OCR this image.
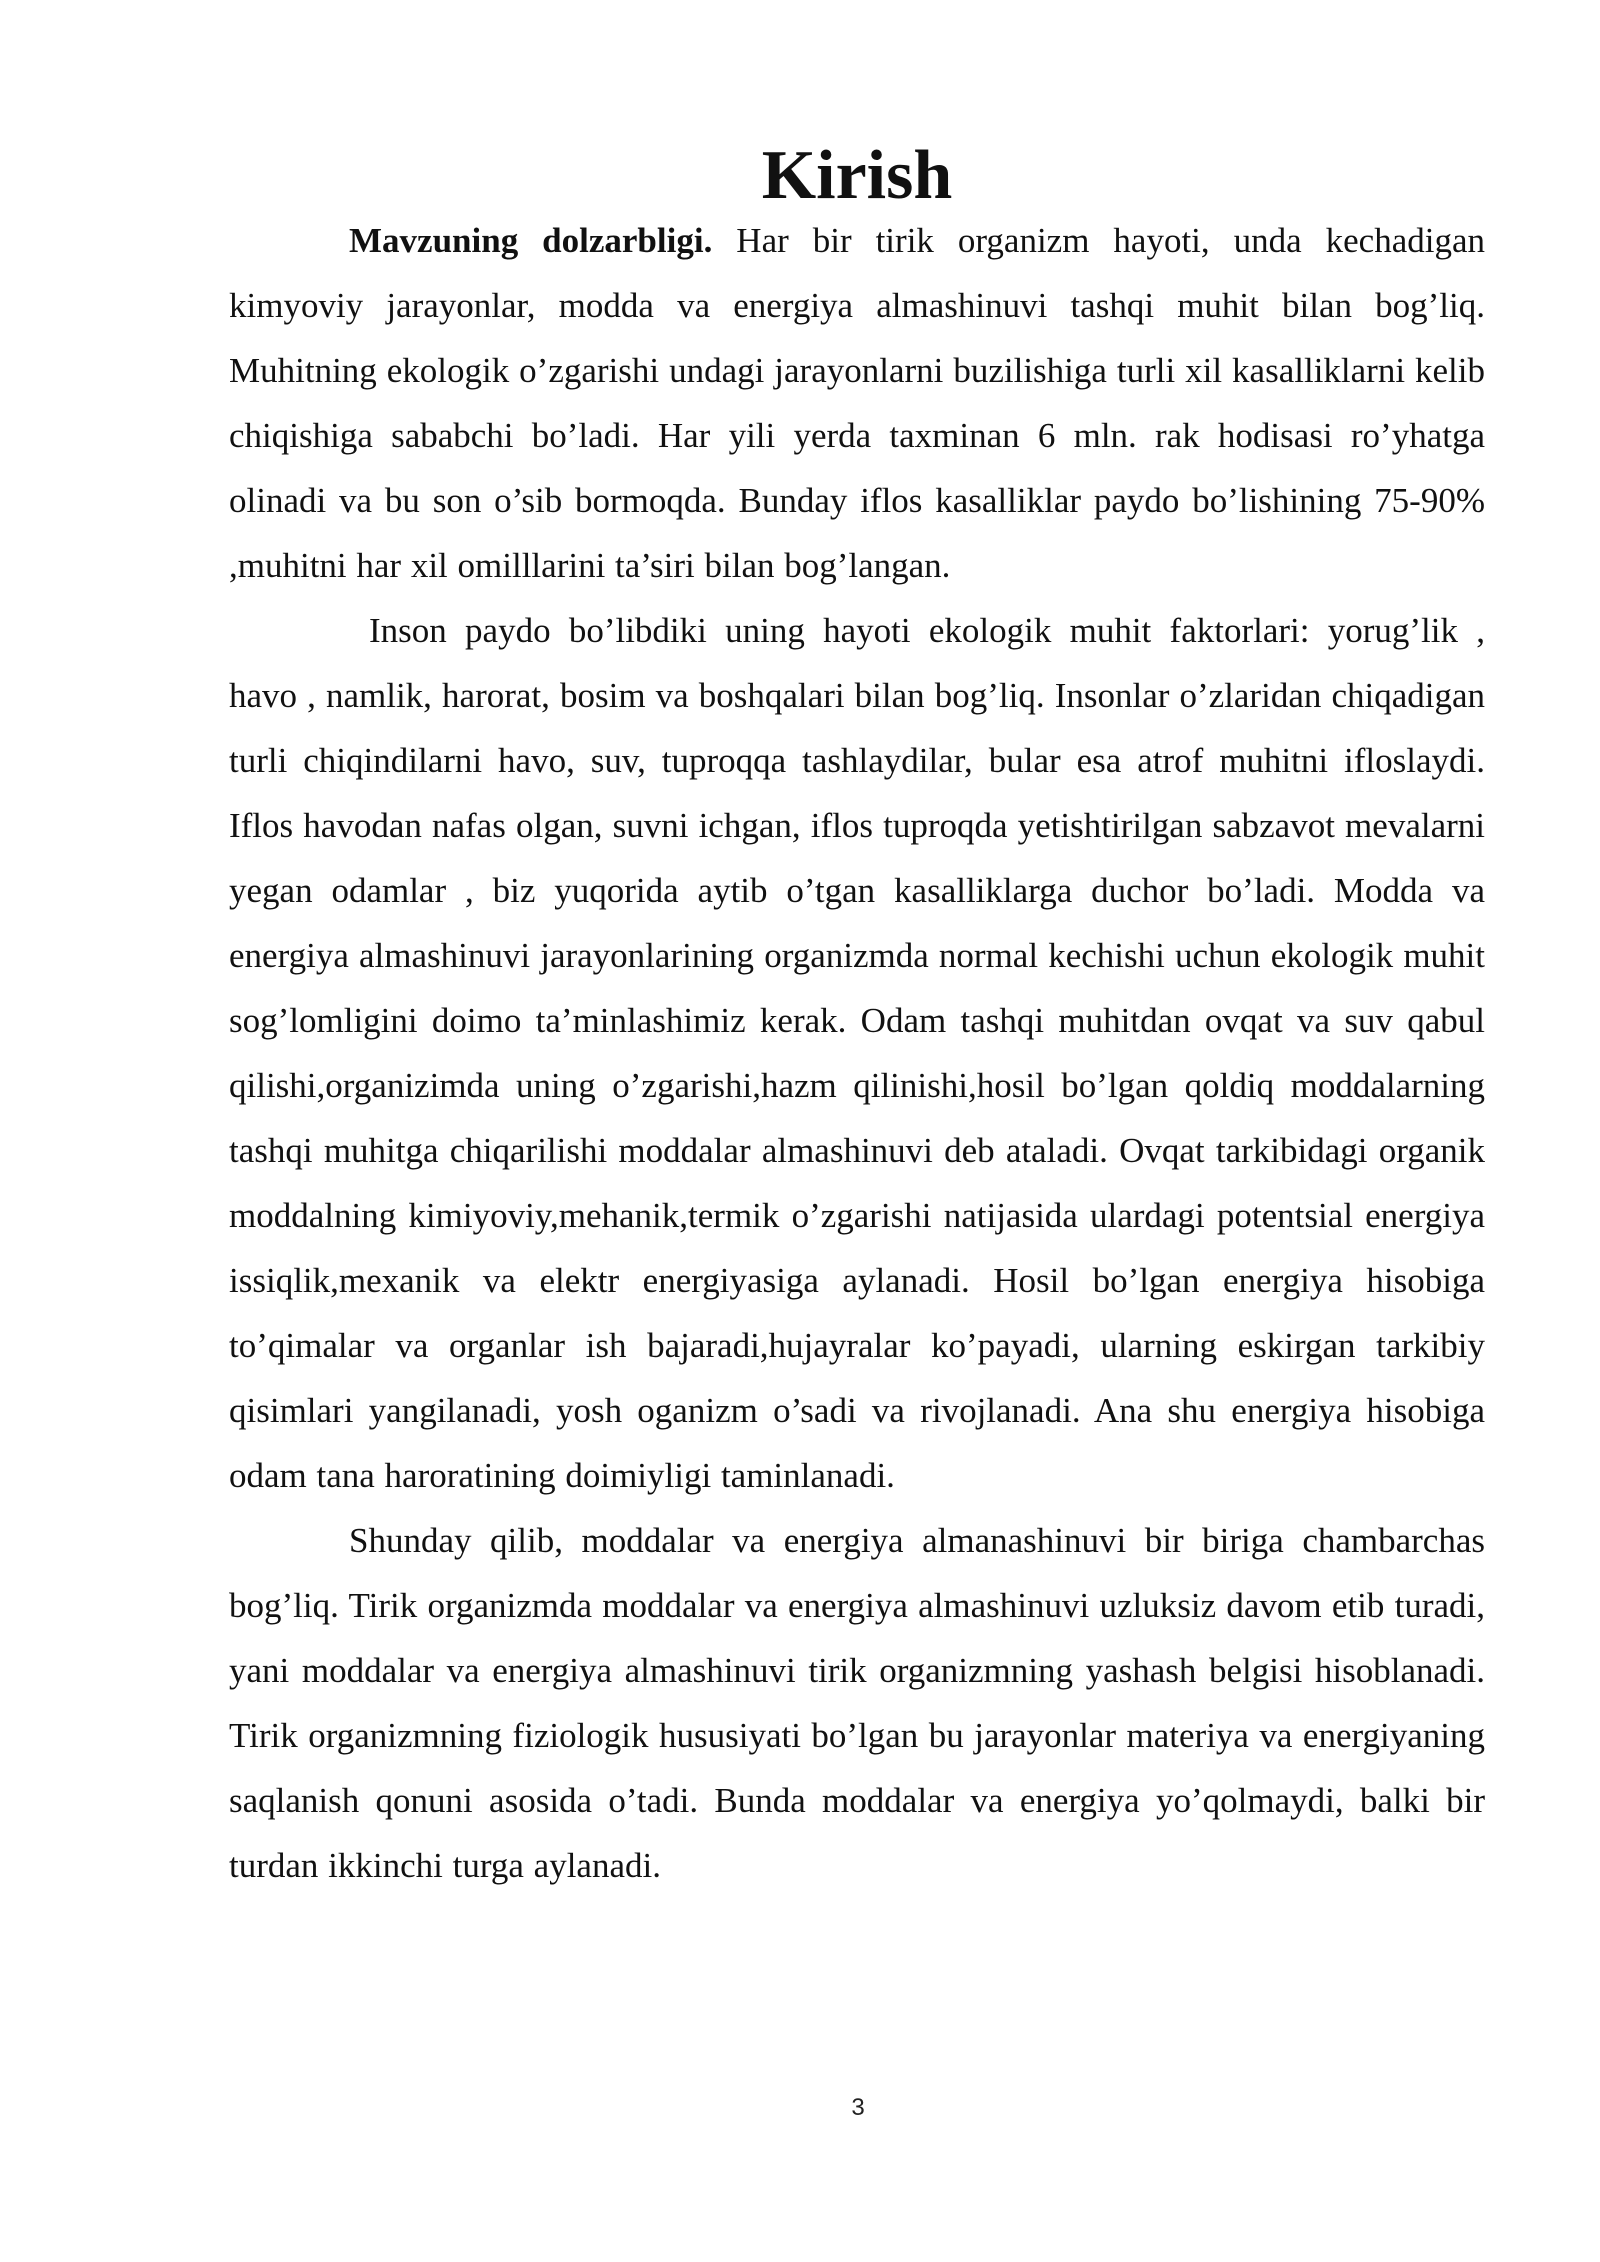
Kirish

Mavzuning dolzarbligi. Har bir tirik organizm hayoti, unda kechadigan kimyoviy jarayonlar, modda va energiya almashinuvi tashqi muhit bilan bog’liq. Muhitning ekologik o’zgarishi undagi jarayonlarni buzilishiga turli xil kasalliklarni kelib chiqishiga sababchi bo’ladi. Har yili yerda taxminan 6 mln. rak hodisasi ro’yhatga olinadi va bu son o’sib bormoqda. Bunday iflos kasalliklar paydo bo’lishining 75-90% ,muhitni har xil omilllarini ta’siri bilan bog’langan.

Inson paydo bo’libdiki uning hayoti ekologik muhit faktorlari: yorug’lik , havo , namlik, harorat, bosim va boshqalari bilan bog’liq. Insonlar o’zlaridan chiqadigan turli chiqindilarni havo, suv, tuproqqa tashlaydilar, bular esa atrof muhitni ifloslaydi. Iflos havodan nafas olgan, suvni ichgan, iflos tuproqda yetishtirilgan sabzavot mevalarni yegan odamlar , biz yuqorida aytib o’tgan kasalliklarga duchor bo’ladi. Modda va energiya almashinuvi jarayonlarining organizmda normal kechishi uchun ekologik muhit sog’lomligini doimo ta’minlashimiz kerak. Odam tashqi muhitdan ovqat va suv qabul qilishi,organizimda uning o’zgarishi,hazm qilinishi,hosil bo’lgan qoldiq moddalarning tashqi muhitga chiqarilishi moddalar almashinuvi deb ataladi. Ovqat tarkibidagi organik moddalning kimiyoviy,mehanik,termik o’zgarishi natijasida ulardagi potentsial energiya issiqlik,mexanik va elektr energiyasiga aylanadi. Hosil bo’lgan energiya hisobiga to’qimalar va organlar ish bajaradi,hujayralar ko’payadi, ularning eskirgan tarkibiy qisimlari yangilanadi, yosh oganizm o’sadi va rivojlanadi. Ana shu energiya hisobiga odam tana haroratining doimiyligi taminlanadi.

Shunday qilib, moddalar va energiya almanashinuvi bir biriga chambarchas bog’liq. Tirik organizmda moddalar va energiya almashinuvi uzluksiz davom etib turadi, yani moddalar va energiya almashinuvi tirik organizmning yashash belgisi hisoblanadi. Tirik organizmning fiziologik hususiyati bo’lgan bu jarayonlar materiya va energiyaning saqlanish qonuni asosida o’tadi. Bunda moddalar va energiya yo’qolmaydi, balki bir turdan ikkinchi turga aylanadi.

3
